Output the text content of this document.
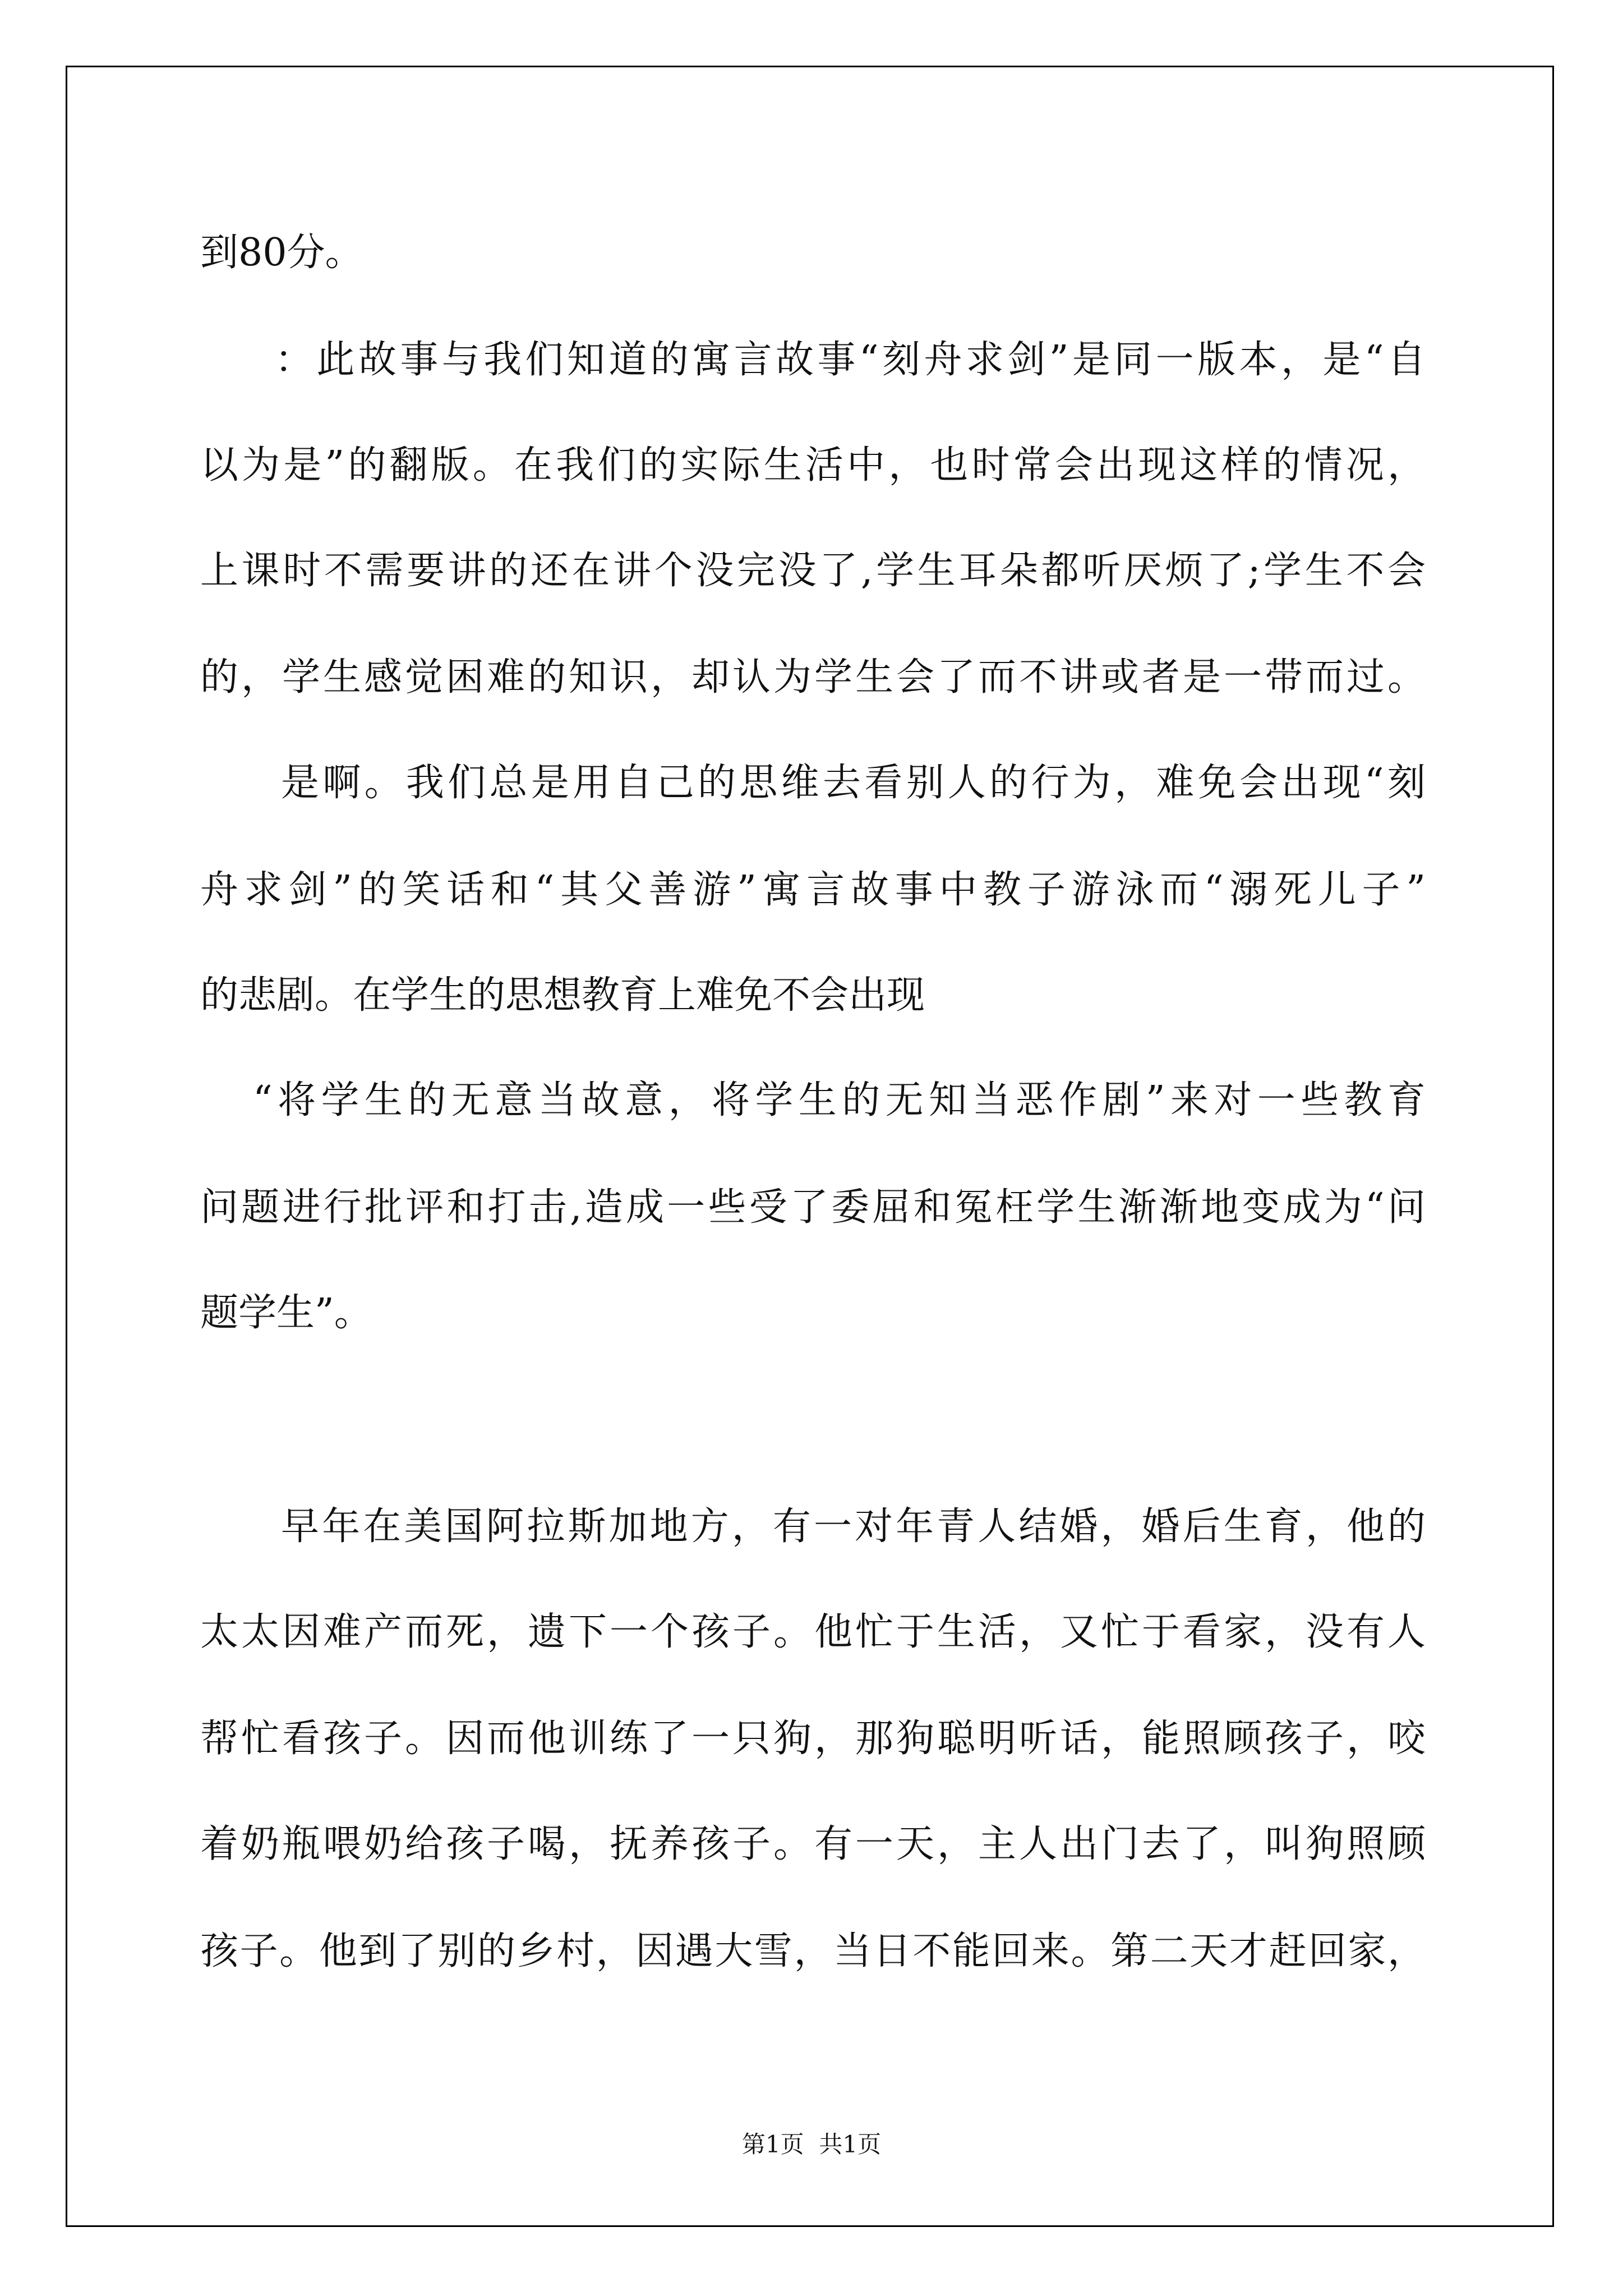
到80分。
：此故事与我们知道的寓言故事“刻舟求剑”是同一版本，是“自
以为是”的翻版。在我们的实际生活中，也时常会出现这样的情况，
上课时不需要讲的还在讲个没完没了,学生耳朵都听厌烦了;学生不会
的，学生感觉困难的知识，却认为学生会了而不讲或者是一带而过。
是啊。我们总是用自己的思维去看别人的行为，难免会出现“刻
舟求剑”的笑话和“其父善游”寓言故事中教子游泳而“溺死儿子”
的悲剧。在学生的思想教育上难免不会出现
“将学生的无意当故意，将学生的无知当恶作剧”来对一些教育
问题进行批评和打击,造成一些受了委屈和冤枉学生渐渐地变成为“问
题学生”。
早年在美国阿拉斯加地方，有一对年青人结婚，婚后生育，他的
太太因难产而死，遗下一个孩子。他忙于生活，又忙于看家，没有人
帮忙看孩子。因而他训练了一只狗，那狗聪明听话，能照顾孩子，咬
着奶瓶喂奶给孩子喝，抚养孩子。有一天，主人出门去了，叫狗照顾
孩子。他到了别的乡村，因遇大雪，当日不能回来。第二天才赶回家，
第1页  共1页
